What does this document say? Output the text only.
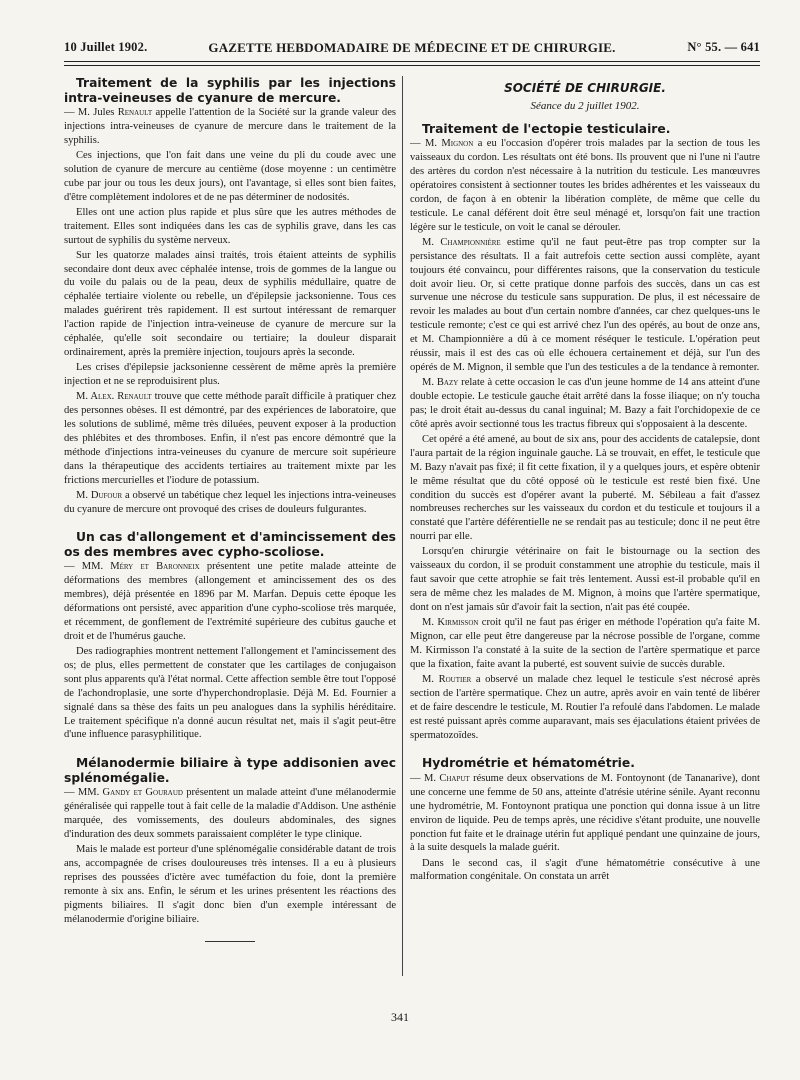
10 Juillet 1902.	GAZETTE HEBDOMADAIRE DE MÉDECINE ET DE CHIRURGIE.	N° 55. — 641
Traitement de la syphilis par les injections intra-veineuses de cyanure de mercure.

— M. Jules Renault appelle l'attention de la Société sur la grande valeur des injections intra-veineuses de cyanure de mercure dans le traitement de la syphilis.

Ces injections, que l'on fait dans une veine du pli du coude avec une solution de cyanure de mercure au centième (dose moyenne : un centimètre cube par jour ou tous les deux jours), ont l'avantage, si elles sont bien faites, d'être complètement indolores et de ne pas déterminer de nodosités.

Elles ont une action plus rapide et plus sûre que les autres méthodes de traitement. Elles sont indiquées dans les cas de syphilis grave, dans les cas surtout de syphilis du système nerveux.

Sur les quatorze malades ainsi traités, trois étaient atteints de syphilis secondaire dont deux avec céphalée intense, trois de gommes de la langue ou du voile du palais ou de la peau, deux de syphilis médullaire, quatre de céphalée tertiaire violente ou rebelle, un d'épilepsie jacksonienne. Tous ces malades guérirent très rapidement. Il est surtout intéressant de remarquer l'action rapide de l'injection intra-veineuse de cyanure de mercure sur la céphalée, qu'elle soit secondaire ou tertiaire; la douleur disparait ordinairement, après la première injection, toujours après la seconde.

Les crises d'épilepsie jacksonienne cessèrent de même après la première injection et ne se reproduisirent plus.

M. Alex. Renault trouve que cette méthode paraît difficile à pratiquer chez des personnes obèses. Il est démontré, par des expériences de laboratoire, que les solutions de sublimé, même très diluées, peuvent exposer à la production des phlébites et des thromboses. Enfin, il n'est pas encore démontré que la méthode d'injections intra-veineuses du cyanure de mercure soit supérieure dans la thérapeutique des accidents tertiaires au traitement mixte par les frictions mercurielles et l'iodure de potassium.

M. Dufour a observé un tabétique chez lequel les injections intra-veineuses du cyanure de mercure ont provoqué des crises de douleurs fulgurantes.

Un cas d'allongement et d'amincissement des os des membres avec cypho-scoliose.

— MM. Méry et Baronneix présentent une petite malade atteinte de déformations des membres (allongement et amincissement des os des membres), déjà présentée en 1896 par M. Marfan. Depuis cette époque les déformations ont persisté, avec apparition d'une cypho-scoliose très marquée, et récemment, de gonflement de l'extrémité supérieure des cubitus gauche et droit et de l'humérus gauche.

Des radiographies montrent nettement l'allongement et l'amincissement des os; de plus, elles permettent de constater que les cartilages de conjugaison sont plus apparents qu'à l'état normal. Cette affection semble être tout l'opposé de l'achondroplasie, une sorte d'hyperchondroplasie. Déjà M. Ed. Fournier a signalé dans sa thèse des faits un peu analogues dans la syphilis héréditaire. Le traitement spécifique n'a donné aucun résultat net, mais il s'agit peut-être d'une influence parasyphilitique.

Mélanodermie biliaire à type addisonien avec splénomégalie.

— MM. Gandy et Gouraud présentent un malade atteint d'une mélanodermie généralisée qui rappelle tout à fait celle de la maladie d'Addison. Une asthénie marquée, des vomissements, des douleurs abdominales, des signes d'induration des deux sommets paraissaient compléter le type clinique.

Mais le malade est porteur d'une splénomégalie considérable datant de trois ans, accompagnée de crises douloureuses très intenses. Il a eu à plusieurs reprises des poussées d'ictère avec tuméfaction du foie, dont la première remonte à six ans. Enfin, le sérum et les urines présentent les réactions des pigments biliaires. Il s'agit donc bien d'un exemple intéressant de mélanodermie d'origine biliaire.

SOCIÉTÉ DE CHIRURGIE.
Séance du 2 juillet 1902.
Traitement de l'ectopie testiculaire.

— M. Mignon a eu l'occasion d'opérer trois malades par la section de tous les vaisseaux du cordon. Les résultats ont été bons. Ils prouvent que ni l'une ni l'autre des artères du cordon n'est nécessaire à la nutrition du testicule. Les manœuvres opératoires consistent à sectionner toutes les brides adhérentes et les vaisseaux du cordon, de façon à en obtenir la libération complète, de même que celle du testicule. Le canal déférent doit être seul ménagé et, lorsqu'on fait une traction légère sur le testicule, on voit le canal se dérouler.

M. Championnière estime qu'il ne faut peut-être pas trop compter sur la persistance des résultats. Il a fait autrefois cette section aussi complète, ayant toujours été convaincu, pour différentes raisons, que la conservation du testicule doit avoir lieu. Or, si cette pratique donne parfois des succès, dans un cas est survenue une nécrose du testicule sans suppuration. De plus, il est nécessaire de revoir les malades au bout d'un certain nombre d'années, car chez quelques-uns le testicule remonte; c'est ce qui est arrivé chez l'un des opérés, au bout de onze ans, et M. Championnière a dû à ce moment réséquer le testicule. L'opération peut réussir, mais il est des cas où elle échouera certainement et déjà, sur l'un des opérés de M. Mignon, il semble que l'un des testicules a de la tendance à remonter.

M. Bazy relate à cette occasion le cas d'un jeune homme de 14 ans atteint d'une double ectopie. Le testicule gauche était arrêté dans la fosse iliaque; on n'y toucha pas; le droit était au-dessus du canal inguinal; M. Bazy a fait l'orchidopexie de ce côté après avoir sectionné tous les tractus fibreux qui s'opposaient à la descente.

Cet opéré a été amené, au bout de six ans, pour des accidents de catalepsie, dont l'aura partait de la région inguinale gauche. Là se trouvait, en effet, le testicule que M. Bazy n'avait pas fixé; il fit cette fixation, il y a quelques jours, et espère obtenir le même résultat que du côté opposé où le testicule est resté bien fixé. Une condition du succès est d'opérer avant la puberté. M. Sébileau a fait d'assez nombreuses recherches sur les vaisseaux du cordon et du testicule et toujours il a constaté que l'artère déférentielle ne se rendait pas au testicule; donc il ne peut être nourri par elle.

Lorsqu'en chirurgie vétérinaire on fait le bistournage ou la section des vaisseaux du cordon, il se produit constamment une atrophie du testicule, mais il faut savoir que cette atrophie se fait très lentement. Aussi est-il probable qu'il en sera de même chez les malades de M. Mignon, à moins que l'artère spermatique, dont on n'est jamais sûr d'avoir fait la section, n'ait pas été coupée.

M. Kirmisson croit qu'il ne faut pas ériger en méthode l'opération qu'a faite M. Mignon, car elle peut être dangereuse par la nécrose possible de l'organe, comme M. Kirmisson l'a constaté à la suite de la section de l'artère spermatique et parce que la fixation, faite avant la puberté, est souvent suivie de succès durable.

M. Routier a observé un malade chez lequel le testicule s'est nécrosé après section de l'artère spermatique. Chez un autre, après avoir en vain tenté de libérer et de faire descendre le testicule, M. Routier l'a refoulé dans l'abdomen. Le malade est resté puissant après comme auparavant, mais ses éjaculations étaient privées de spermatozoïdes.

Hydrométrie et hématométrie.

— M. Chaput résume deux observations de M. Fontoynont (de Tananarive), dont une concerne une femme de 50 ans, atteinte d'atrésie utérine sénile. Ayant reconnu une hydrométrie, M. Fontoynont pratiqua une ponction qui donna issue à un litre environ de liquide. Peu de temps après, une récidive s'étant produite, une nouvelle ponction fut faite et le drainage utérin fut appliqué pendant une quinzaine de jours, à la suite desquels la malade guérit.

Dans le second cas, il s'agit d'une hématométrie consécutive à une malformation congénitale. On constata un arrêt

341
